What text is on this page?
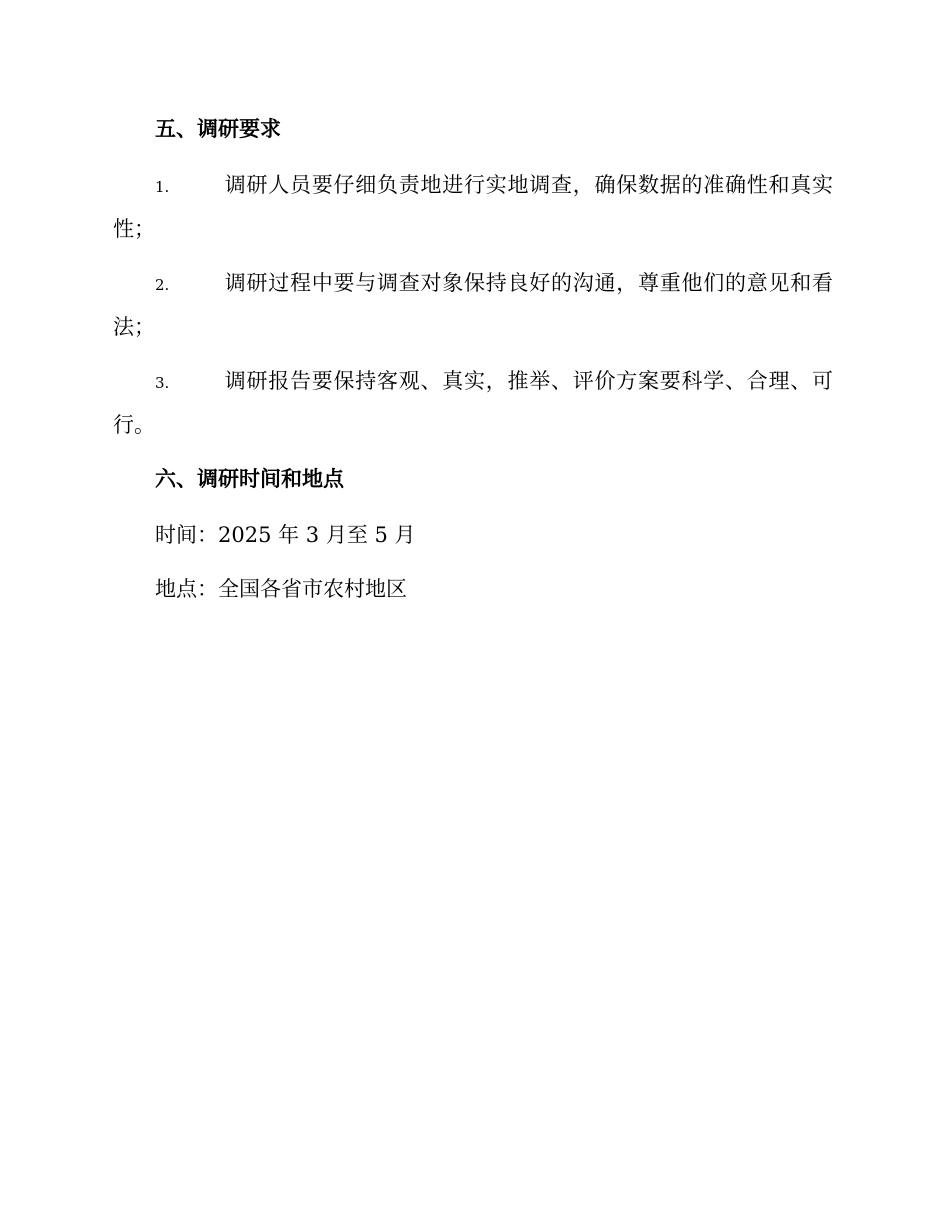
五、调研要求
1.	调研人员要仔细负责地进行实地调查，确保数据的准确性和真实性；
2.	调研过程中要与调查对象保持良好的沟通，尊重他们的意见和看法；
3.	调研报告要保持客观、真实，推举、评价方案要科学、合理、可行。
六、调研时间和地点
时间：2025 年 3 月至 5 月
地点：全国各省市农村地区
